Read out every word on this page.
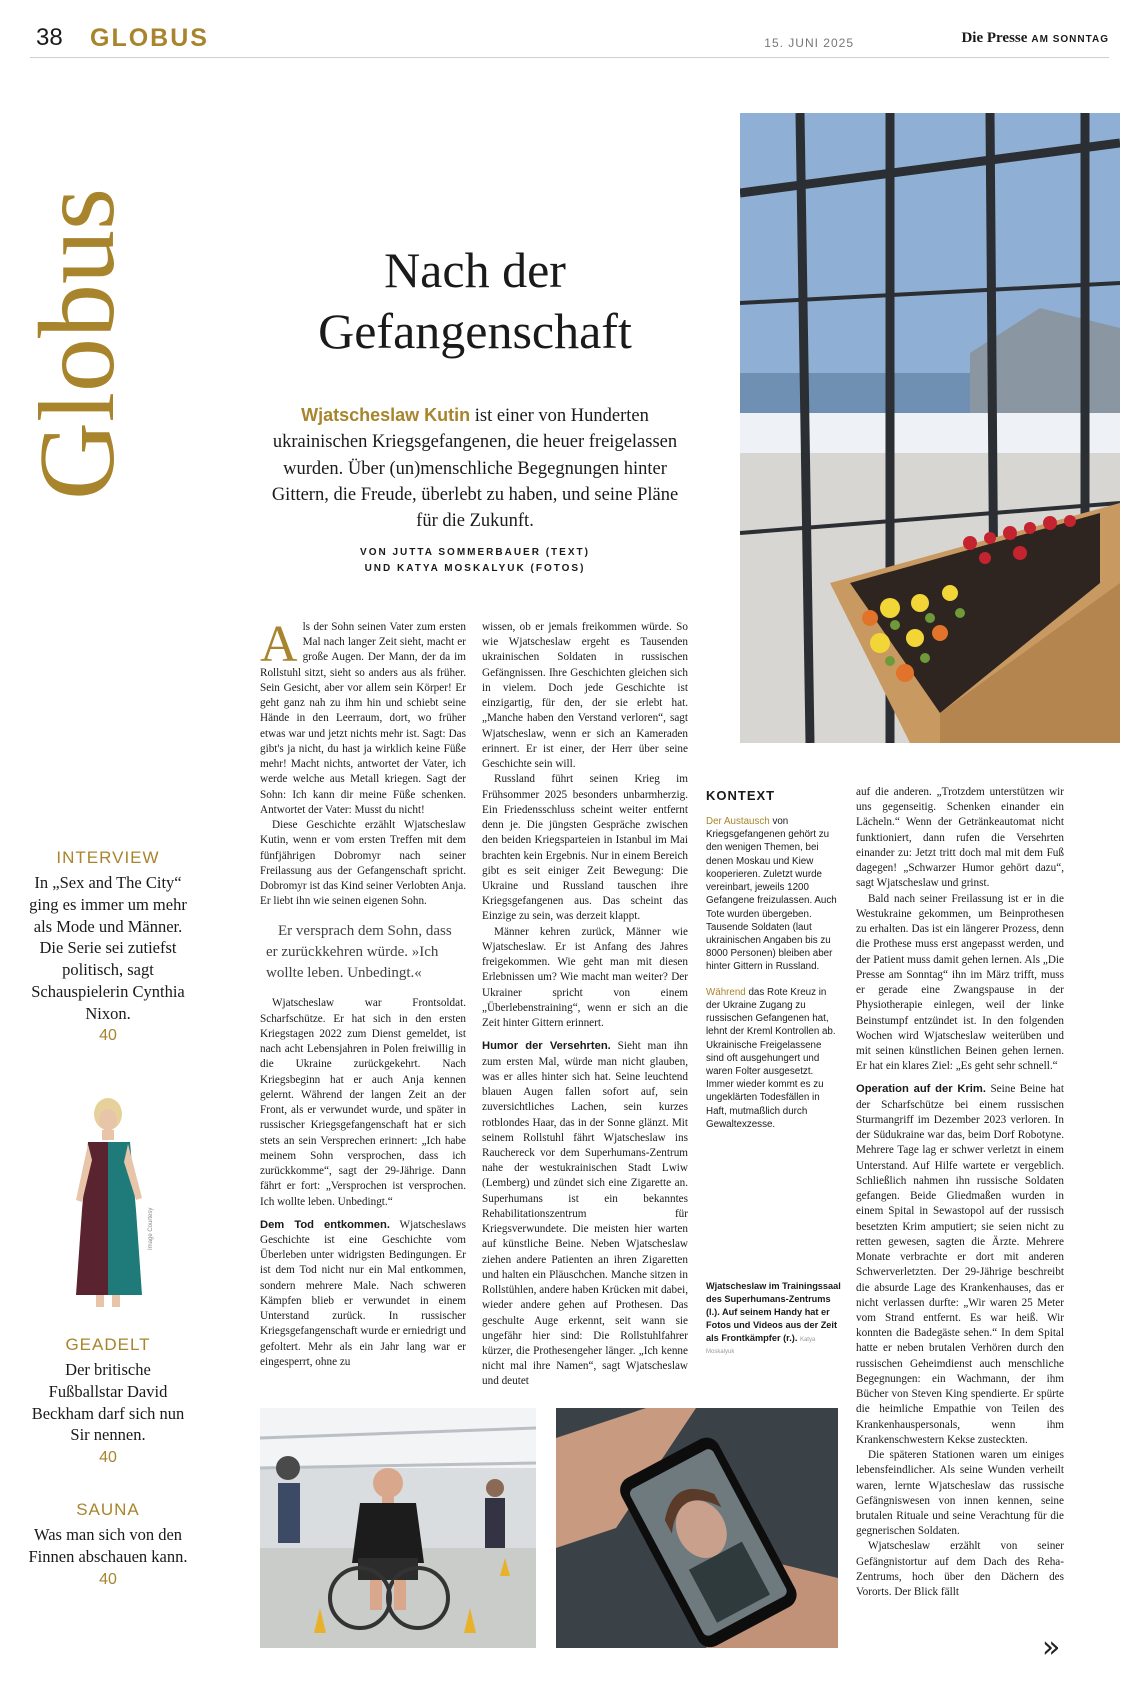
38 GLOBUS	15. JUNI 2025	Die Presse AM SONNTAG
Globus
INTERVIEW
In „Sex and The City“ ging es immer um mehr als Mode und Männer. Die Serie sei zutiefst politisch, sagt Schauspielerin Cynthia Nixon.
40
Image Courtesy
GEADELT
Der britische Fußballstar David Beckham darf sich nun Sir nennen.
40
SAUNA
Was man sich von den Finnen abschauen kann.
40
Nach der Gefangenschaft

Wjatscheslaw Kutin ist einer von Hunderten ukrainischen Kriegsgefangenen, die heuer freigelassen wurden. Über (un)menschliche Begegnungen hinter Gittern, die Freude, überlebt zu haben, und seine Pläne für die Zukunft.

VON JUTTA SOMMERBAUER (TEXT)
UND KATYA MOSKALYUK (FOTOS)

Als der Sohn seinen Vater zum ersten Mal nach langer Zeit sieht, macht er große Augen. Der Mann, der da im Rollstuhl sitzt, sieht so anders aus als früher. Sein Gesicht, aber vor allem sein Körper! Er geht ganz nah zu ihm hin und schiebt seine Hände in den Leerraum, dort, wo früher etwas war und jetzt nichts mehr ist. Sagt: Das gibt's ja nicht, du hast ja wirklich keine Füße mehr! Macht nichts, antwortet der Vater, ich werde welche aus Metall kriegen. Sagt der Sohn: Ich kann dir meine Füße schenken. Antwortet der Vater: Musst du nicht!

Diese Geschichte erzählt Wjatscheslaw Kutin, wenn er vom ersten Treffen mit dem fünfjährigen Dobromyr nach seiner Freilassung aus der Gefangenschaft spricht. Dobromyr ist das Kind seiner Verlobten Anja. Er liebt ihn wie seinen eigenen Sohn.

Er versprach dem Sohn, dass er zurückkehren würde. »Ich wollte leben. Unbedingt.«

Wjatscheslaw war Frontsoldat. Scharfschütze. Er hat sich in den ersten Kriegstagen 2022 zum Dienst gemeldet, ist nach acht Lebensjahren in Polen freiwillig in die Ukraine zurückgekehrt. Nach Kriegsbeginn hat er auch Anja kennen gelernt. Während der langen Zeit an der Front, als er verwundet wurde, und später in russischer Kriegsgefangenschaft hat er sich stets an sein Versprechen erinnert: „Ich habe meinem Sohn versprochen, dass ich zurückkomme“, sagt der 29-Jährige. Dann fährt er fort: „Versprochen ist versprochen. Ich wollte leben. Unbedingt.“

Dem Tod entkommen. Wjatscheslaws Geschichte ist eine Geschichte vom Überleben unter widrigsten Bedingungen. Er ist dem Tod nicht nur ein Mal entkommen, sondern mehrere Male. Nach schweren Kämpfen blieb er verwundet in einem Unterstand zurück. In russischer Kriegsgefangenschaft wurde er erniedrigt und gefoltert. Mehr als ein Jahr lang war er eingesperrt, ohne zu

wissen, ob er jemals freikommen würde. So wie Wjatscheslaw ergeht es Tausenden ukrainischen Soldaten in russischen Gefängnissen. Ihre Geschichten gleichen sich in vielem. Doch jede Geschichte ist einzigartig, für den, der sie erlebt hat. „Manche haben den Verstand verloren“, sagt Wjatscheslaw, wenn er sich an Kameraden erinnert. Er ist einer, der Herr über seine Geschichte sein will.

Russland führt seinen Krieg im Frühsommer 2025 besonders unbarmherzig. Ein Friedensschluss scheint weiter entfernt denn je. Die jüngsten Gespräche zwischen den beiden Kriegsparteien in Istanbul im Mai brachten kein Ergebnis. Nur in einem Bereich gibt es seit einiger Zeit Bewegung: Die Ukraine und Russland tauschen ihre Kriegsgefangenen aus. Das scheint das Einzige zu sein, was derzeit klappt.

Männer kehren zurück, Männer wie Wjatscheslaw. Er ist Anfang des Jahres freigekommen. Wie geht man mit diesen Erlebnissen um? Wie macht man weiter? Der Ukrainer spricht von einem „Überlebenstraining“, wenn er sich an die Zeit hinter Gittern erinnert.

Humor der Versehrten. Sieht man ihn zum ersten Mal, würde man nicht glauben, was er alles hinter sich hat. Seine leuchtend blauen Augen fallen sofort auf, sein zuversichtliches Lachen, sein kurzes rotblondes Haar, das in der Sonne glänzt. Mit seinem Rollstuhl fährt Wjatscheslaw ins Rauchereck vor dem Superhumans-Zentrum nahe der westukrainischen Stadt Lwiw (Lemberg) und zündet sich eine Zigarette an. Superhumans ist ein bekanntes Rehabilitationszentrum für Kriegsverwundete. Die meisten hier warten auf künstliche Beine. Neben Wjatscheslaw ziehen andere Patienten an ihren Zigaretten und halten ein Pläuschchen. Manche sitzen in Rollstühlen, andere haben Krücken mit dabei, wieder andere gehen auf Prothesen. Das geschulte Auge erkennt, seit wann sie ungefähr hier sind: Die Rollstuhlfahrer kürzer, die Prothesengeher länger. „Ich kenne nicht mal ihre Namen“, sagt Wjatscheslaw und deutet

KONTEXT

Der Austausch von Kriegsgefangenen gehört zu den wenigen Themen, bei denen Moskau und Kiew kooperieren. Zuletzt wurde vereinbart, jeweils 1200 Gefangene freizulassen. Auch Tote wurden übergeben. Tausende Soldaten (laut ukrainischen Angaben bis zu 8000 Personen) bleiben aber hinter Gittern in Russland.

Während das Rote Kreuz in der Ukraine Zugang zu russischen Gefangenen hat, lehnt der Kreml Kontrollen ab. Ukrainische Freigelassene sind oft ausgehungert und waren Folter ausgesetzt. Immer wieder kommt es zu ungeklärten Todesfällen in Haft, mutmaßlich durch Gewaltexzesse.

Wjatscheslaw im Trainingssaal des Superhumans-Zentrums (l.). Auf seinem Handy hat er Fotos und Videos aus der Zeit als Frontkämpfer (r.). Katya Moskalyuk

auf die anderen. „Trotzdem unterstützen wir uns gegenseitig. Schenken einander ein Lächeln.“ Wenn der Getränkeautomat nicht funktioniert, dann rufen die Versehrten einander zu: Jetzt tritt doch mal mit dem Fuß dagegen! „Schwarzer Humor gehört dazu“, sagt Wjatscheslaw und grinst.

Bald nach seiner Freilassung ist er in die Westukraine gekommen, um Beinprothesen zu erhalten. Das ist ein längerer Prozess, denn die Prothese muss erst angepasst werden, und der Patient muss damit gehen lernen. Als „Die Presse am Sonntag“ ihn im März trifft, muss er gerade eine Zwangspause in der Physiotherapie einlegen, weil der linke Beinstumpf entzündet ist. In den folgenden Wochen wird Wjatscheslaw weiterüben und mit seinen künstlichen Beinen gehen lernen. Er hat ein klares Ziel: „Es geht sehr schnell.“

Operation auf der Krim. Seine Beine hat der Scharfschütze bei einem russischen Sturmangriff im Dezember 2023 verloren. In der Südukraine war das, beim Dorf Robotyne. Mehrere Tage lag er schwer verletzt in einem Unterstand. Auf Hilfe wartete er vergeblich. Schließlich nahmen ihn russische Soldaten gefangen. Beide Gliedmaßen wurden in einem Spital in Sewastopol auf der russisch besetzten Krim amputiert; sie seien nicht zu retten gewesen, sagten die Ärzte. Mehrere Monate verbrachte er dort mit anderen Schwerverletzten. Der 29-Jährige beschreibt die absurde Lage des Krankenhauses, das er nicht verlassen durfte: „Wir waren 25 Meter vom Strand entfernt. Es war heiß. Wir konnten die Badegäste sehen.“ In dem Spital hatte er neben brutalen Verhören durch den russischen Geheimdienst auch menschliche Begegnungen: ein Wachmann, der ihm Bücher von Steven King spendierte. Er spürte die heimliche Empathie von Teilen des Krankenhauspersonals, wenn ihm Krankenschwestern Kekse zusteckten.

Die späteren Stationen waren um einiges lebensfeindlicher. Als seine Wunden verheilt waren, lernte Wjatscheslaw das russische Gefängniswesen von innen kennen, seine brutalen Rituale und seine Verachtung für die gegnerischen Soldaten.

Wjatscheslaw erzählt von seiner Gefängnistortur auf dem Dach des Reha-Zentrums, hoch über den Dächern des Vororts. Der Blick fällt

»
